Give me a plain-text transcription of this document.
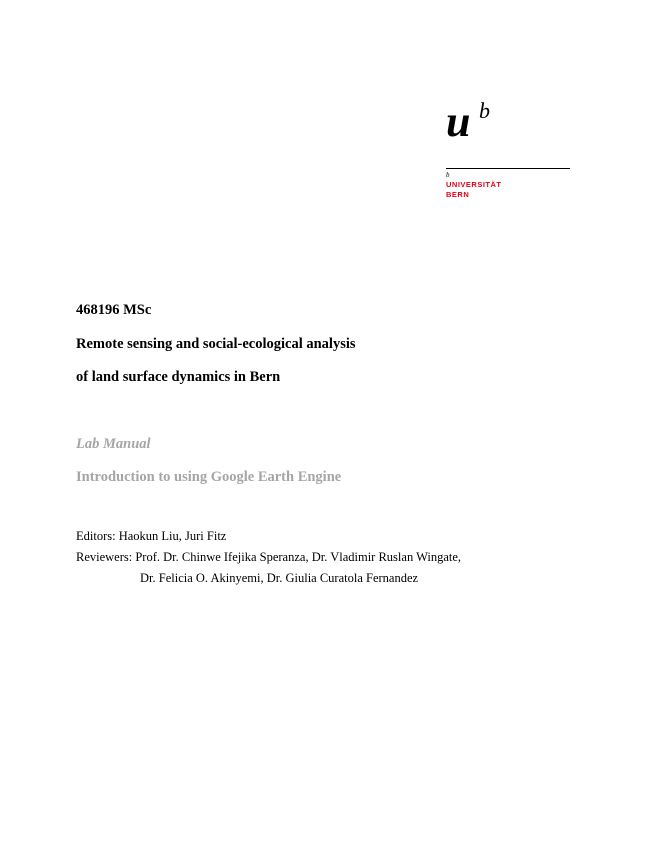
u b
b
UNIVERSITÄT
BERN
468196 MSc
Remote sensing and social-ecological analysis
of land surface dynamics in Bern
Lab Manual
Introduction to using Google Earth Engine
Editors: Haokun Liu, Juri Fitz
Reviewers: Prof. Dr. Chinwe Ifejika Speranza, Dr. Vladimir Ruslan Wingate,
Dr. Felicia O. Akinyemi, Dr. Giulia Curatola Fernandez
